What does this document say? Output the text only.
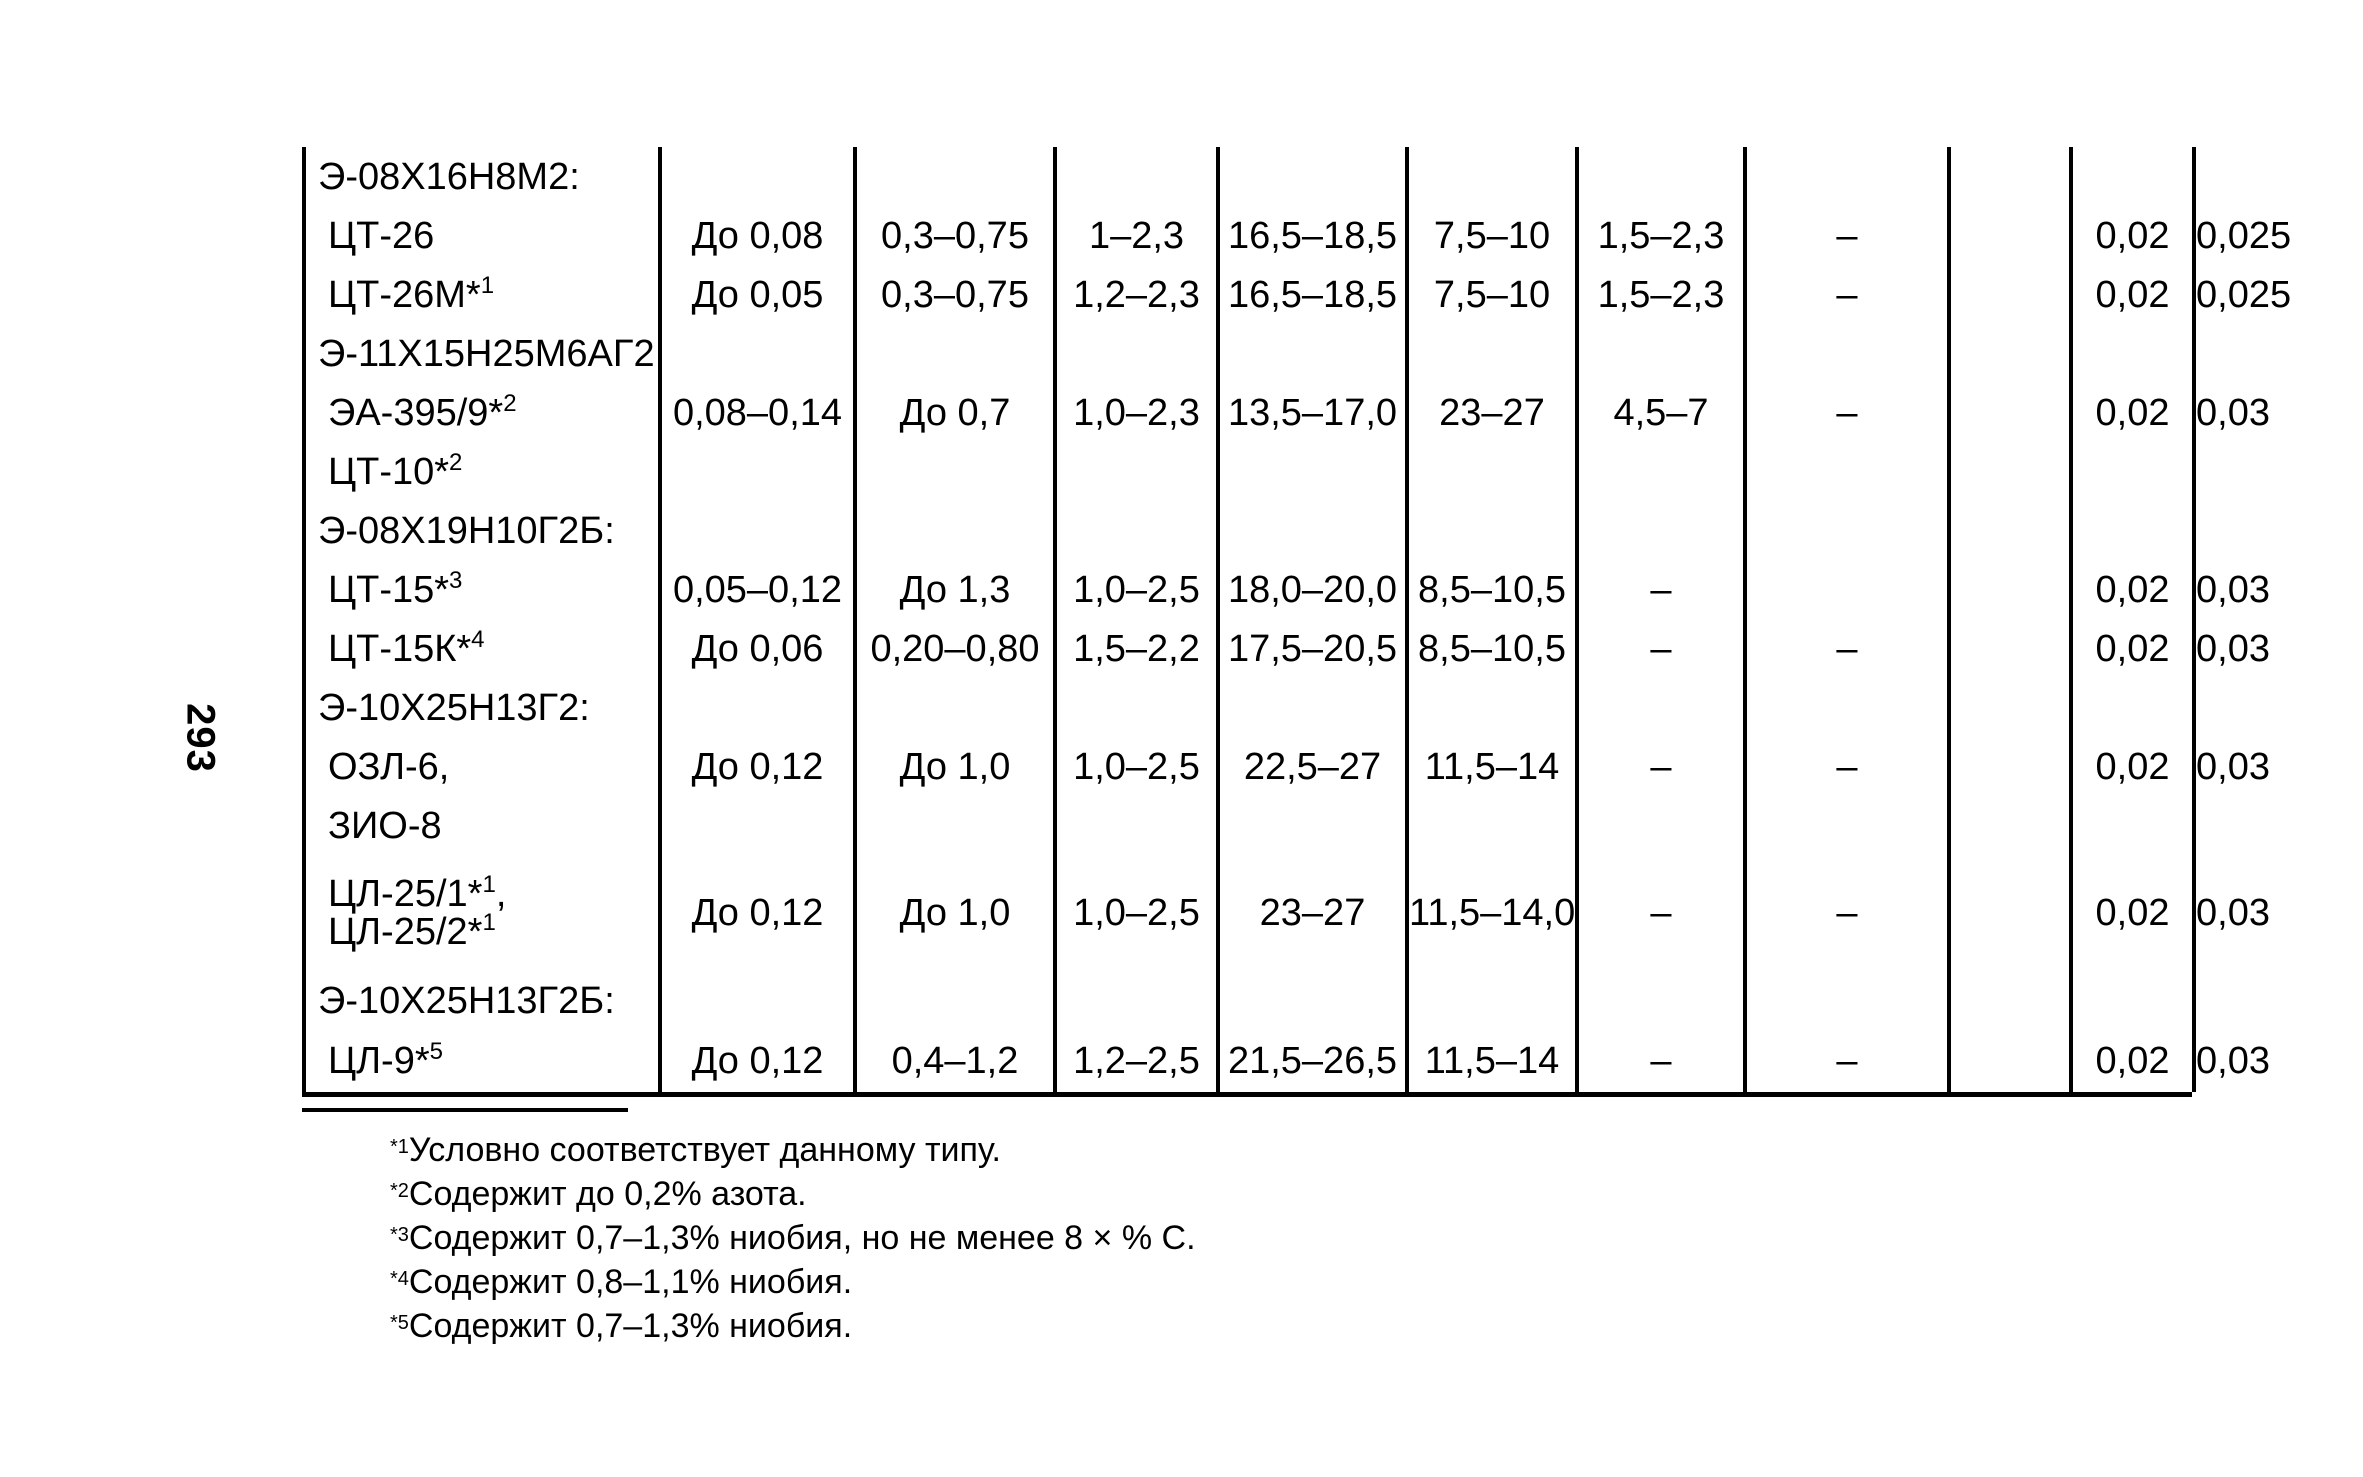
293
Э-08Х16Н8М2:										
ЦТ-26	До 0,08	0,3–0,75	1–2,3	16,5–18,5	7,5–10	1,5–2,3	–		0,02	0,025
ЦТ-26М*$^1$	До 0,05	0,3–0,75	1,2–2,3	16,5–18,5	7,5–10	1,5–2,3	–		0,02	0,025
Э-11Х15Н25М6АГ2:										
ЭА-395/9*$^2$	0,08–0,14	До 0,7	1,0–2,3	13,5–17,0	23–27	4,5–7	–		0,02	0,03
ЦТ-10*$^2$										
Э-08Х19Н10Г2Б:										
ЦТ-15*$^3$	0,05–0,12	До 1,3	1,0–2,5	18,0–20,0	8,5–10,5	–			0,02	0,03
ЦТ-15К*$^4$	До 0,06	0,20–0,80	1,5–2,2	17,5–20,5	8,5–10,5	–	–		0,02	0,03
Э-10Х25Н13Г2:										
ОЗЛ-6,	До 0,12	До 1,0	1,0–2,5	22,5–27	11,5–14	–	–		0,02	0,03
ЗИО-8										
ЦЛ-25/1*$^1$,
ЦЛ-25/2*$^1$	До 0,12	До 1,0	1,0–2,5	23–27	11,5–14,0	–	–		0,02	0,03
Э-10Х25Н13Г2Б:										
ЦЛ-9*$^5$	До 0,12	0,4–1,2	1,2–2,5	21,5–26,5	11,5–14	–	–		0,02	0,03
$^{*1}$Условно соответствует данному типу.
$^{*2}$Содержит до 0,2% азота.
$^{*3}$Содержит 0,7–1,3% ниобия, но не менее 8 × % С.
$^{*4}$Содержит 0,8–1,1% ниобия.
$^{*5}$Содержит 0,7–1,3% ниобия.
